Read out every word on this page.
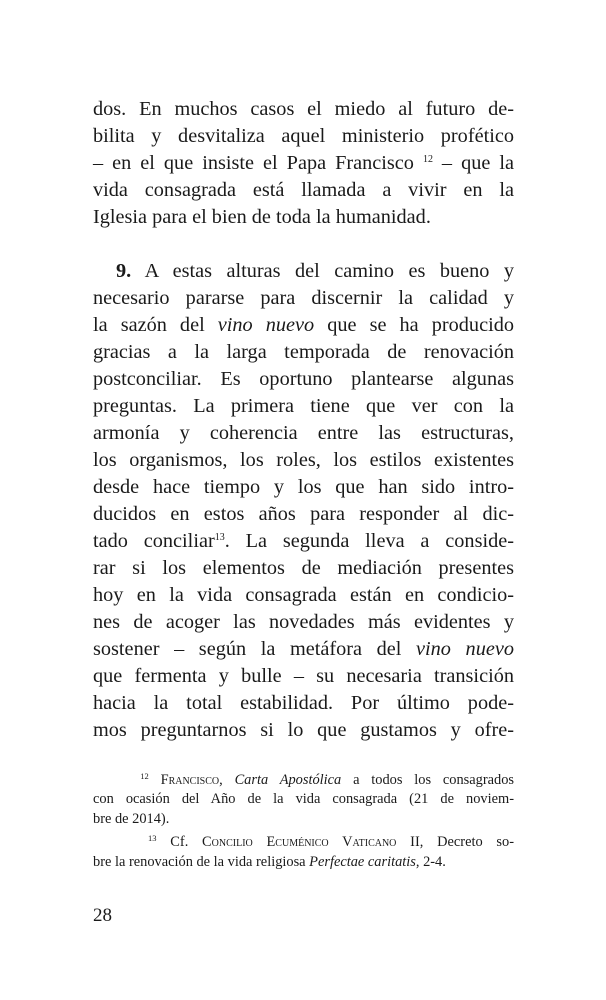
dos. En muchos casos el miedo al futuro de-
bilita y desvitaliza aquel ministerio profético
– en el que insiste el Papa Francisco $^{12}$ – que la
vida consagrada está llamada a vivir en la
Iglesia para el bien de toda la humanidad.
9. A estas alturas del camino es bueno y
necesario pararse para discernir la calidad y
la sazón del vino nuevo que se ha producido
gracias a la larga temporada de renovación
postconciliar. Es oportuno plantearse algunas
preguntas. La primera tiene que ver con la
armonía y coherencia entre las estructuras,
los organismos, los roles, los estilos existentes
desde hace tiempo y los que han sido intro-
ducidos en estos años para responder al dic-
tado conciliar$^{13}$. La segunda lleva a conside-
rar si los elementos de mediación presentes
hoy en la vida consagrada están en condicio-
nes de acoger las novedades más evidentes y
sostener – según la metáfora del vino nuevo
que fermenta y bulle – su necesaria transición
hacia la total estabilidad. Por último pode-
mos preguntarnos si lo que gustamos y ofre-
$^{12}$ Francisco, Carta Apostólica a todos los consagrados
con ocasión del Año de la vida consagrada (21 de noviem-
bre de 2014).
$^{13}$ Cf. Concilio Ecuménico Vaticano II, Decreto so-
bre la renovación de la vida religiosa Perfectae caritatis, 2-4.
28
